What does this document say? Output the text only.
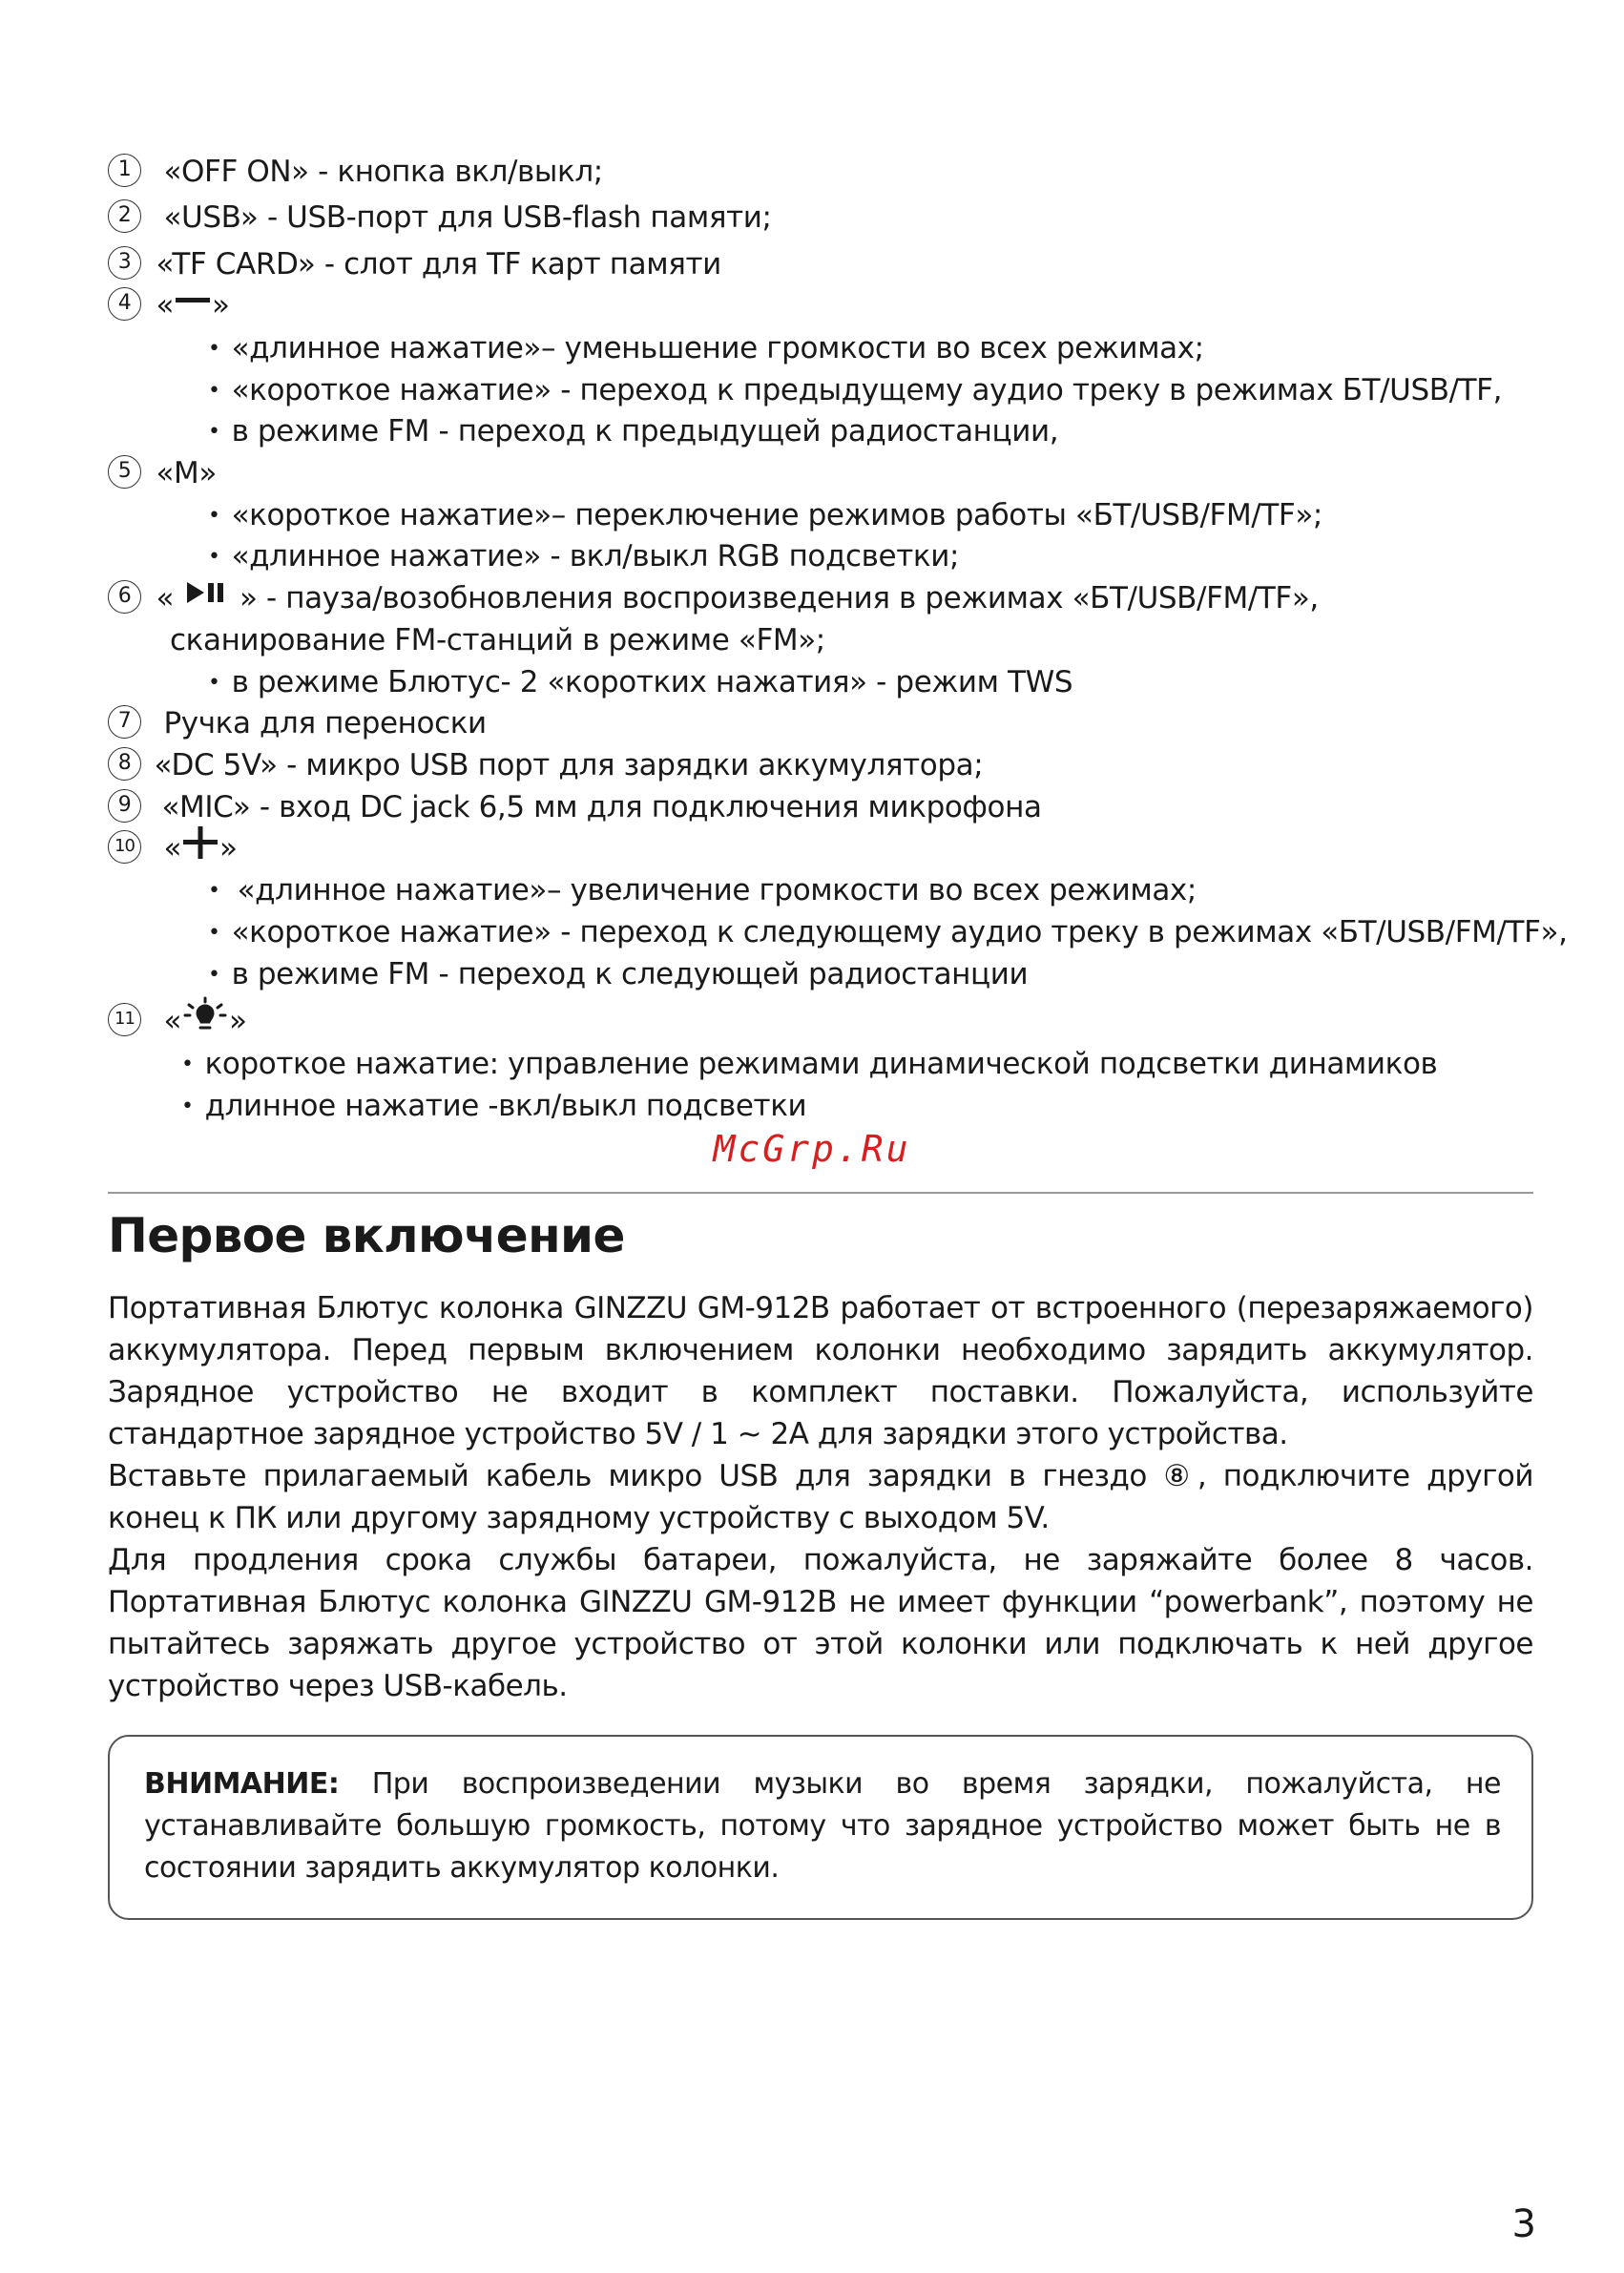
1 «OFF ON» - кнопка вкл/выкл;
2 «USB» - USB-порт для USB-flash памяти;
3 «TF CARD» - слот для TF карт памяти
4 « »
• «длинное нажатие»– уменьшение громкости во всех режимах;
• «короткое нажатие» - переход к предыдущему аудио треку в режимах БТ/USB/TF,
• в режиме FM - переход к предыдущей радиостанции,
5 «M»
• «короткое нажатие»– переключение режимов работы «БТ/USB/FM/TF»;
• «длинное нажатие» - вкл/выкл RGB подсветки;
6 «  » - пауза/возобновления воспроизведения в режимах «БТ/USB/FM/TF»,
сканирование FM-станций в режиме «FM»;
• в режиме Блютус- 2 «коротких нажатия» - режим TWS
7 Ручка для переноски
8 «DC 5V» - микро USB порт для зарядки аккумулятора;
9 «MIC» - вход DC jack 6,5 мм для подключения микрофона
10 « »
• «длинное нажатие»– увеличение громкости во всех режимах;
• «короткое нажатие» - переход к следующему аудио треку в режимах «БТ/USB/FM/TF»,
• в режиме FM - переход к следующей радиостанции
11 « »
• короткое нажатие: управление режимами динамической подсветки динамиков
• длинное нажатие -вкл/выкл подсветки
McGrp.Ru
Первое включение
Портативная Блютус колонка GINZZU GM-912B работает от встроенного (перезаряжаемого) аккумулятора. Перед первым включением колонки необходимо зарядить аккумулятор. Зарядное устройство не входит в комплект поставки. Пожалуйста, используйте стандартное зарядное устройство 5V / 1 ~ 2A для зарядки этого устройства.
Вставьте прилагаемый кабель микро USB для зарядки в гнездо ⑧, подключите другой конец к ПК или другому зарядному устройству с выходом 5V.
Для продления срока службы батареи, пожалуйста, не заряжайте более 8 часов. Портативная Блютус колонка GINZZU GM-912B не имеет функции “powerbank”, поэтому не пытайтесь заряжать другое устройство от этой колонки или подключать к ней другое устройство через USB-кабель.
ВНИМАНИЕ: При воспроизведении музыки во время зарядки, пожалуйста, не устанавливайте большую громкость, потому что зарядное устройство может быть не в состоянии зарядить аккумулятор колонки.
3
